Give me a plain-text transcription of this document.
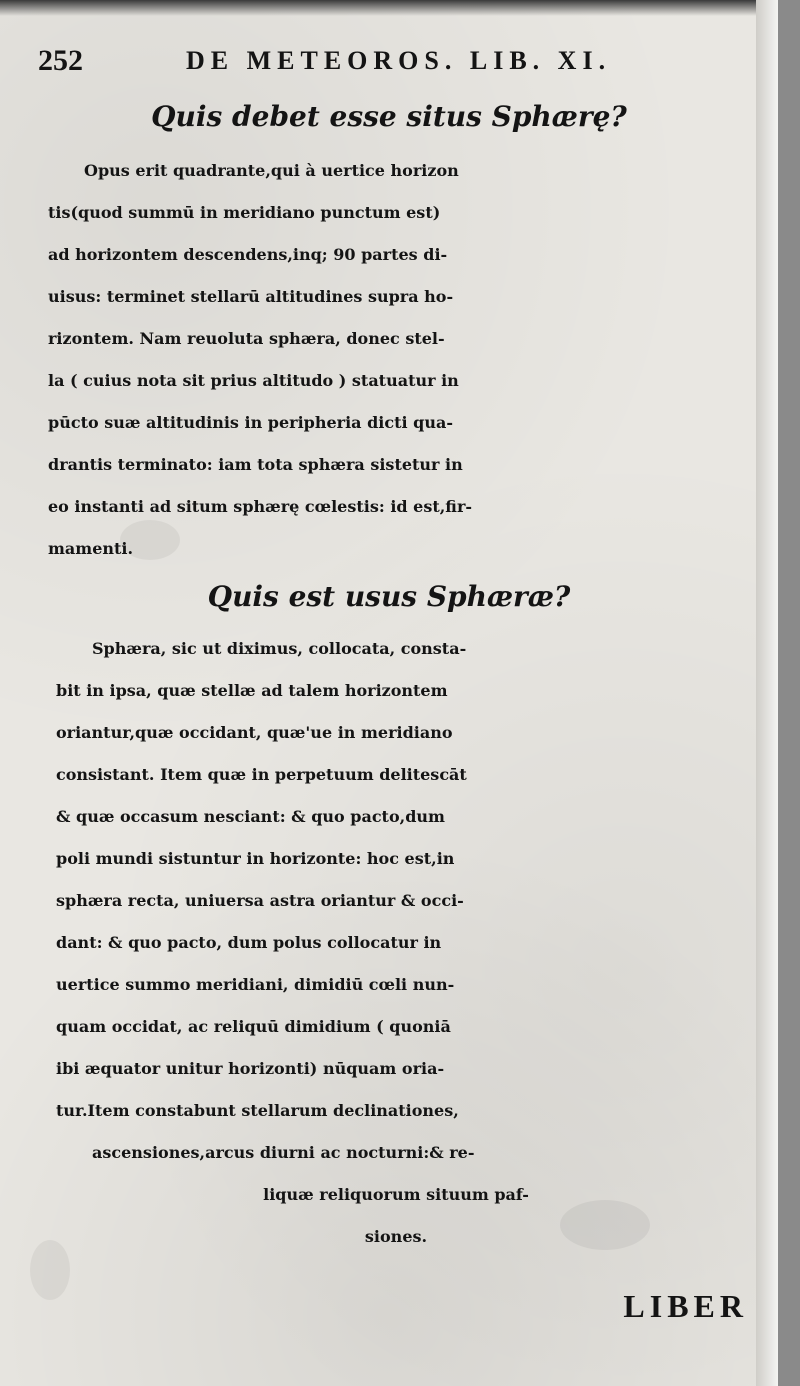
252	DE METEOROS. LIB. XI.
Quis debet esse situs Sphærę?
Opus erit quadrante,qui à uertice horizon
tis(quod summū in meridiano punctum est)
ad horizontem descendens,inq; 90 partes di-
uisus: terminet stellarū altitudines supra ho-
rizontem. Nam reuoluta sphæra, donec stel-
la ( cuius nota sit prius altitudo ) statuatur in
pūcto suæ altitudinis in peripheria dicti qua-
drantis terminato: iam tota sphæra sistetur in
eo instanti ad situm sphærę cœlestis: id est,fir-
mamenti.
Quis est usus Sphæræ?
Sphæra, sic ut diximus, collocata, consta-
bit in ipsa, quæ stellæ ad talem horizontem
oriantur,quæ occidant, quæ'ue in meridiano
consistant. Item quæ in perpetuum delitescāt
& quæ occasum nesciant: & quo pacto,dum
poli mundi sistuntur in horizonte: hoc est,in
sphæra recta, uniuersa astra oriantur & occi-
dant: & quo pacto, dum polus collocatur in
uertice summo meridiani, dimidiū cœli nun-
quam occidat, ac reliquū dimidium ( quoniā
ibi æquator unitur horizonti) nūquam oria-
tur.Item constabunt stellarum declinationes,
ascensiones,arcus diurni ac nocturni:& re-
liquæ reliquorum situum paf-
siones.
LIBER
